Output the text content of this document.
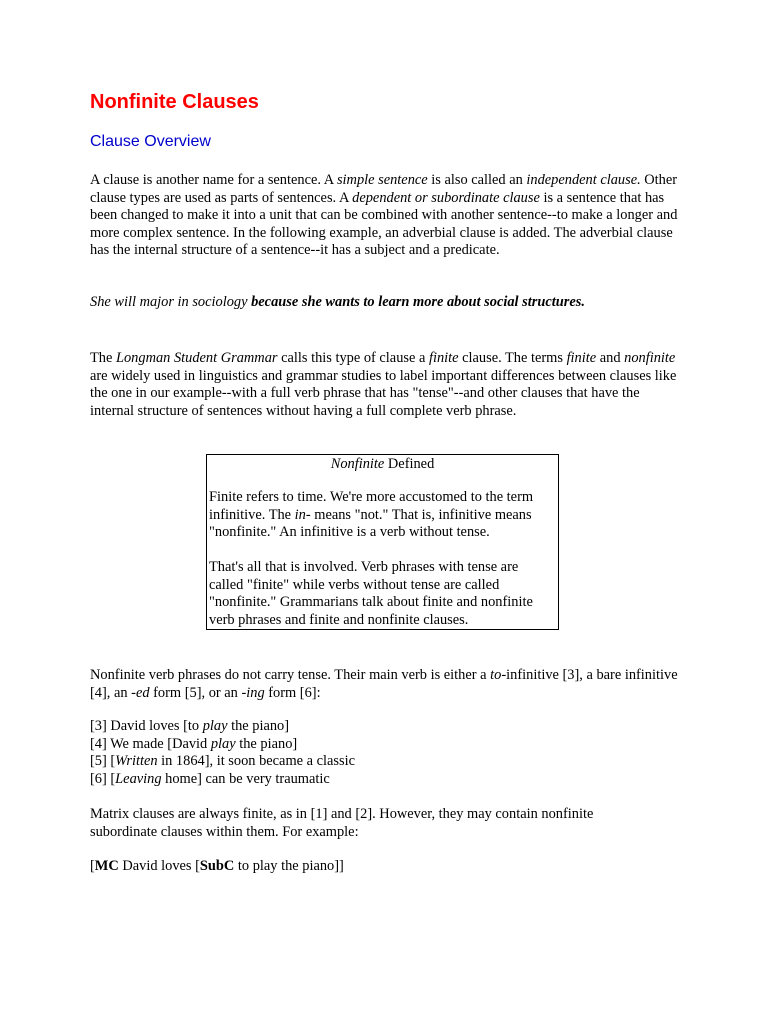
Nonfinite Clauses
Clause Overview

A clause is another name for a sentence. A simple sentence is also called an independent clause. Other clause types are used as parts of sentences. A dependent or subordinate clause is a sentence that has been changed to make it into a unit that can be combined with another sentence--to make a longer and more complex sentence. In the following example, an adverbial clause is added. The adverbial clause has the internal structure of a sentence--it has a subject and a predicate.

She will major in sociology because she wants to learn more about social structures.

The Longman Student Grammar calls this type of clause a finite clause. The terms finite and nonfinite are widely used in linguistics and grammar studies to label important differences between clauses like the one in our example--with a full verb phrase that has "tense"--and other clauses that have the internal structure of sentences without having a full complete verb phrase.

Nonfinite Defined

Finite refers to time. We're more accustomed to the term infinitive. The in- means "not." That is, infinitive means "nonfinite." An infinitive is a verb without tense.

That's all that is involved. Verb phrases with tense are called "finite" while verbs without tense are called "nonfinite." Grammarians talk about finite and nonfinite verb phrases and finite and nonfinite clauses.

Nonfinite verb phrases do not carry tense. Their main verb is either a to-infinitive [3], a bare infinitive [4], an -ed form [5], or an -ing form [6]:

[3] David loves [to play the piano]
[4] We made [David play the piano]
[5] [Written in 1864], it soon became a classic
[6] [Leaving home] can be very traumatic

Matrix clauses are always finite, as in [1] and [2]. However, they may contain nonfinite subordinate clauses within them. For example:

[MC David loves [SubC to play the piano]]
